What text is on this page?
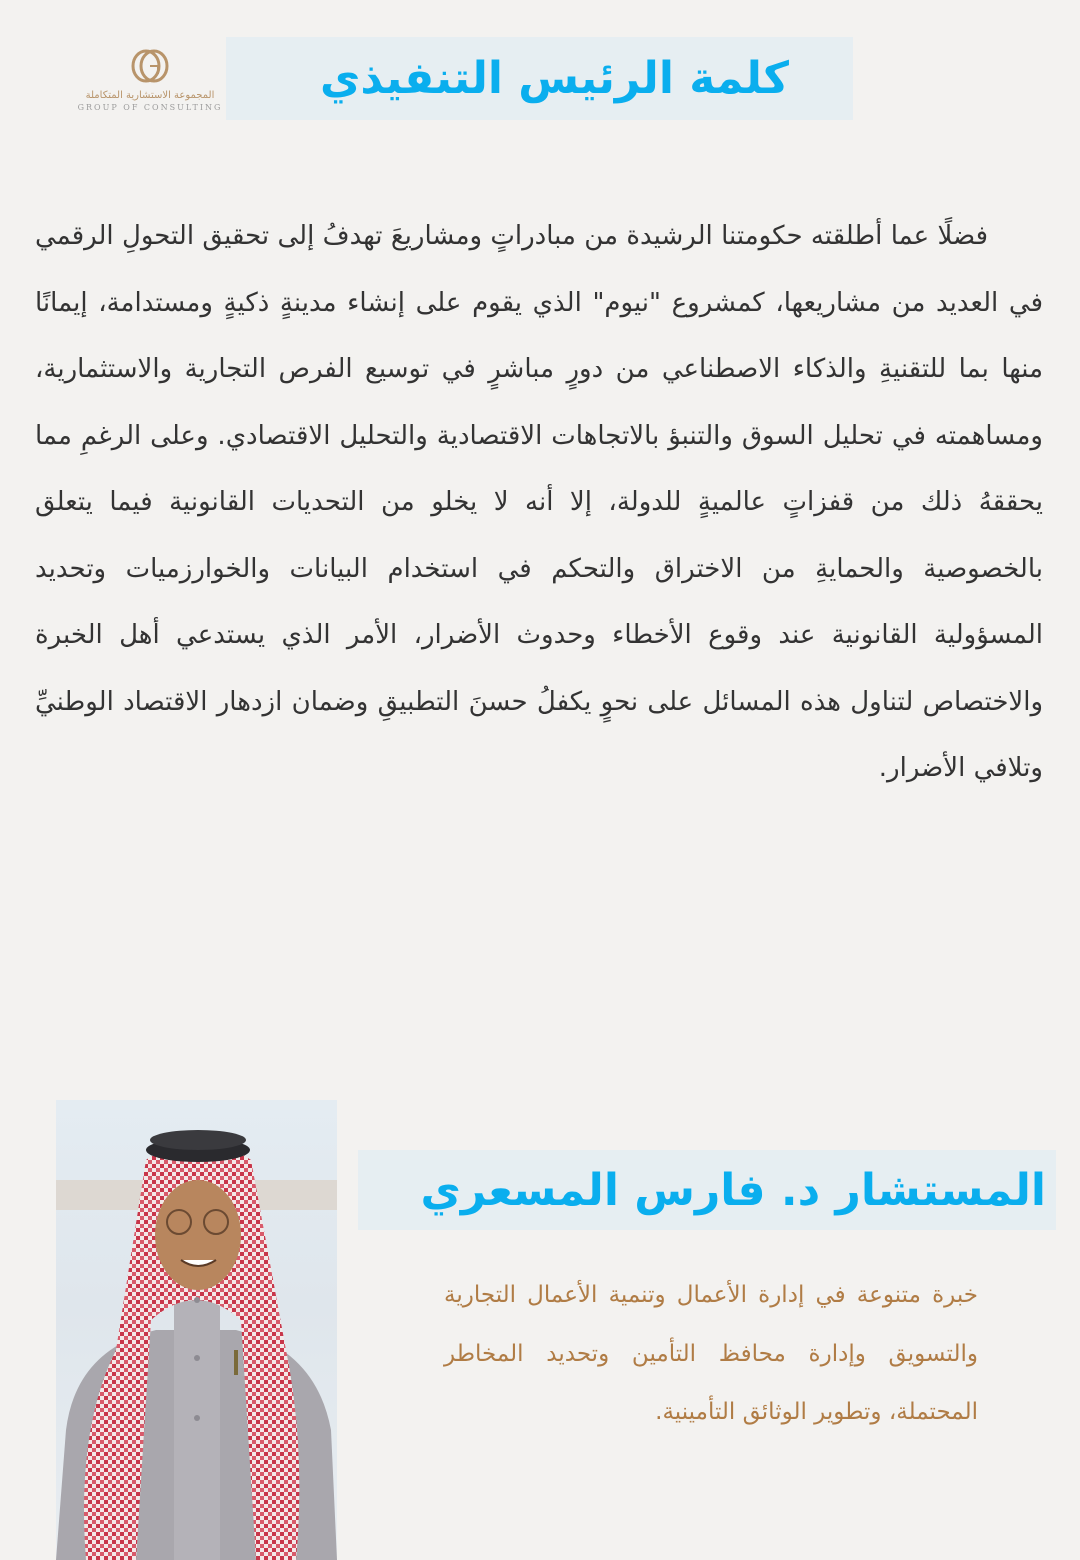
المجموعة الاستشارية المتكاملة
GROUP OF CONSULTING
كلمة الرئيس التنفيذي

فضلًا عما أطلقته حكومتنا الرشيدة من مبادراتٍ ومشاريعَ تهدفُ إلى تحقيق التحولِ الرقمي في العديد من مشاريعها، كمشروع "نيوم" الذي يقوم على إنشاء مدينةٍ ذكيةٍ ومستدامة، إيمانًا منها بما للتقنيةِ والذكاء الاصطناعي من دورٍ مباشرٍ في توسيع الفرص التجارية والاستثمارية، ومساهمته في تحليل السوق والتنبؤ بالاتجاهات الاقتصادية والتحليل الاقتصادي. وعلى الرغمِ مما يحققهُ ذلك من قفزاتٍ عالميةٍ للدولة، إلا أنه لا يخلو من التحديات القانونية فيما يتعلق بالخصوصية والحمايةِ من الاختراق والتحكم في استخدام البيانات والخوارزميات وتحديد المسؤولية القانونية عند وقوع الأخطاء وحدوث الأضرار، الأمر الذي يستدعي أهل الخبرة والاختصاص لتناول هذه المسائل على نحوٍ يكفلُ حسنَ التطبيقِ وضمان ازدهار الاقتصاد الوطنيِّ وتلافي الأضرار.

المستشار د. فارس المسعري

خبرة متنوعة في إدارة الأعمال وتنمية الأعمال التجارية والتسويق وإدارة محافظ التأمين وتحديد المخاطر المحتملة، وتطوير الوثائق التأمينية.
